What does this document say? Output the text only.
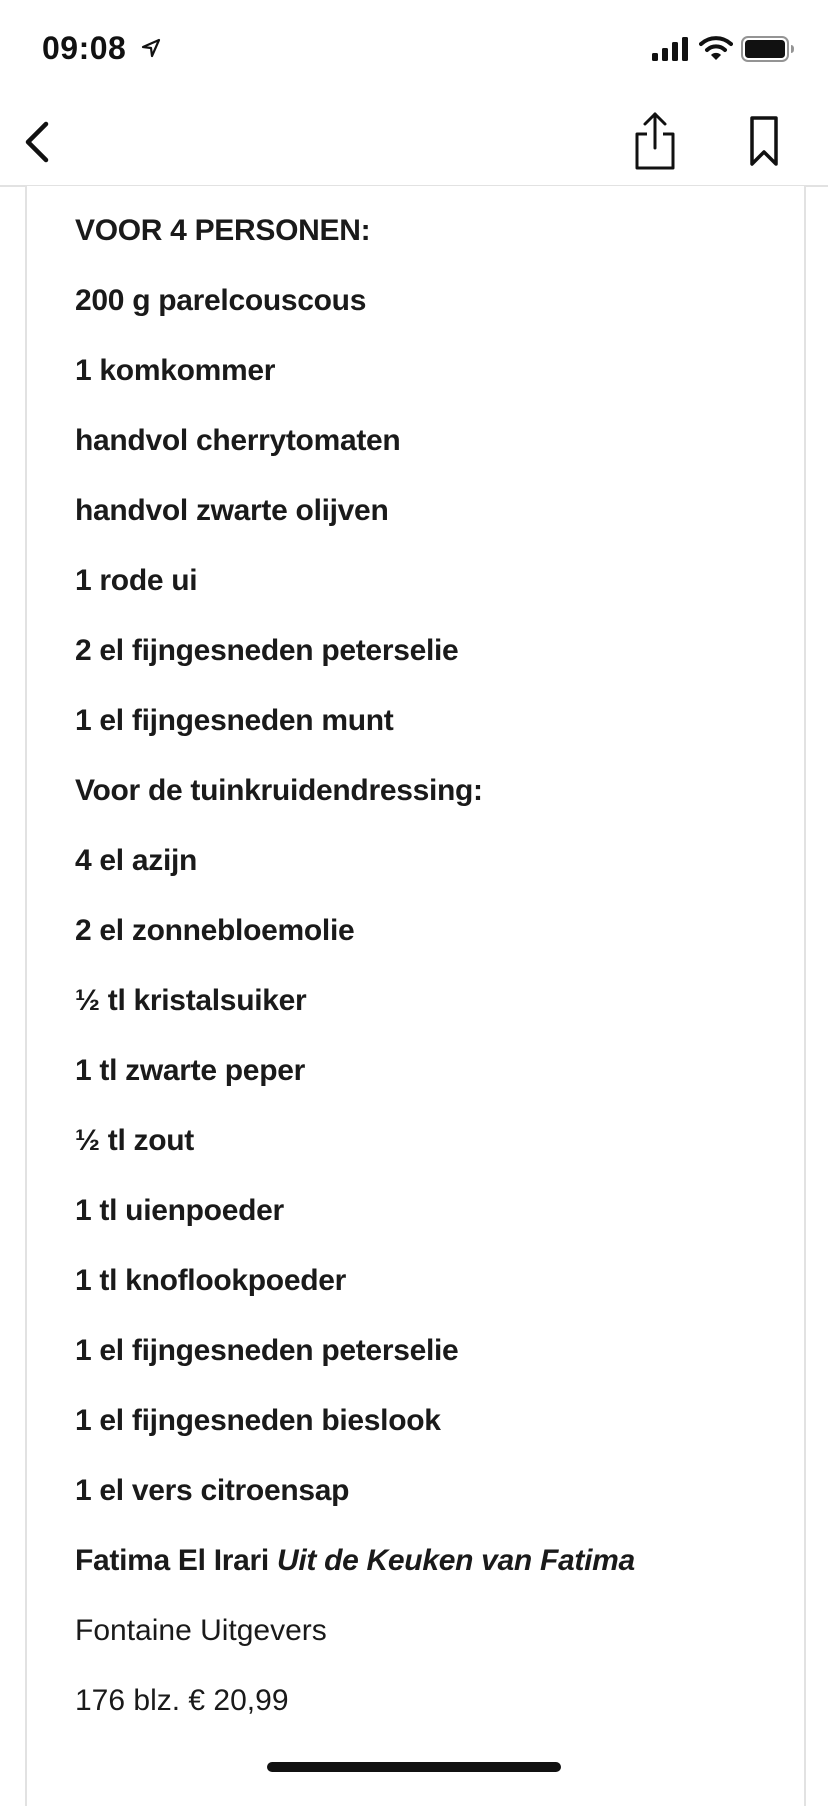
09:08
VOOR 4 PERSONEN:
200 g parelcouscous
1 komkommer
handvol cherrytomaten
handvol zwarte olijven
1 rode ui
2 el fijngesneden peterselie
1 el fijngesneden munt
Voor de tuinkruidendressing:
4 el azijn
2 el zonnebloemolie
½ tl kristalsuiker
1 tl zwarte peper
½ tl zout
1 tl uienpoeder
1 tl knoflookpoeder
1 el fijngesneden peterselie
1 el fijngesneden bieslook
1 el vers citroensap
Fatima El Irari Uit de Keuken van Fatima
Fontaine Uitgevers
176 blz. € 20,99
